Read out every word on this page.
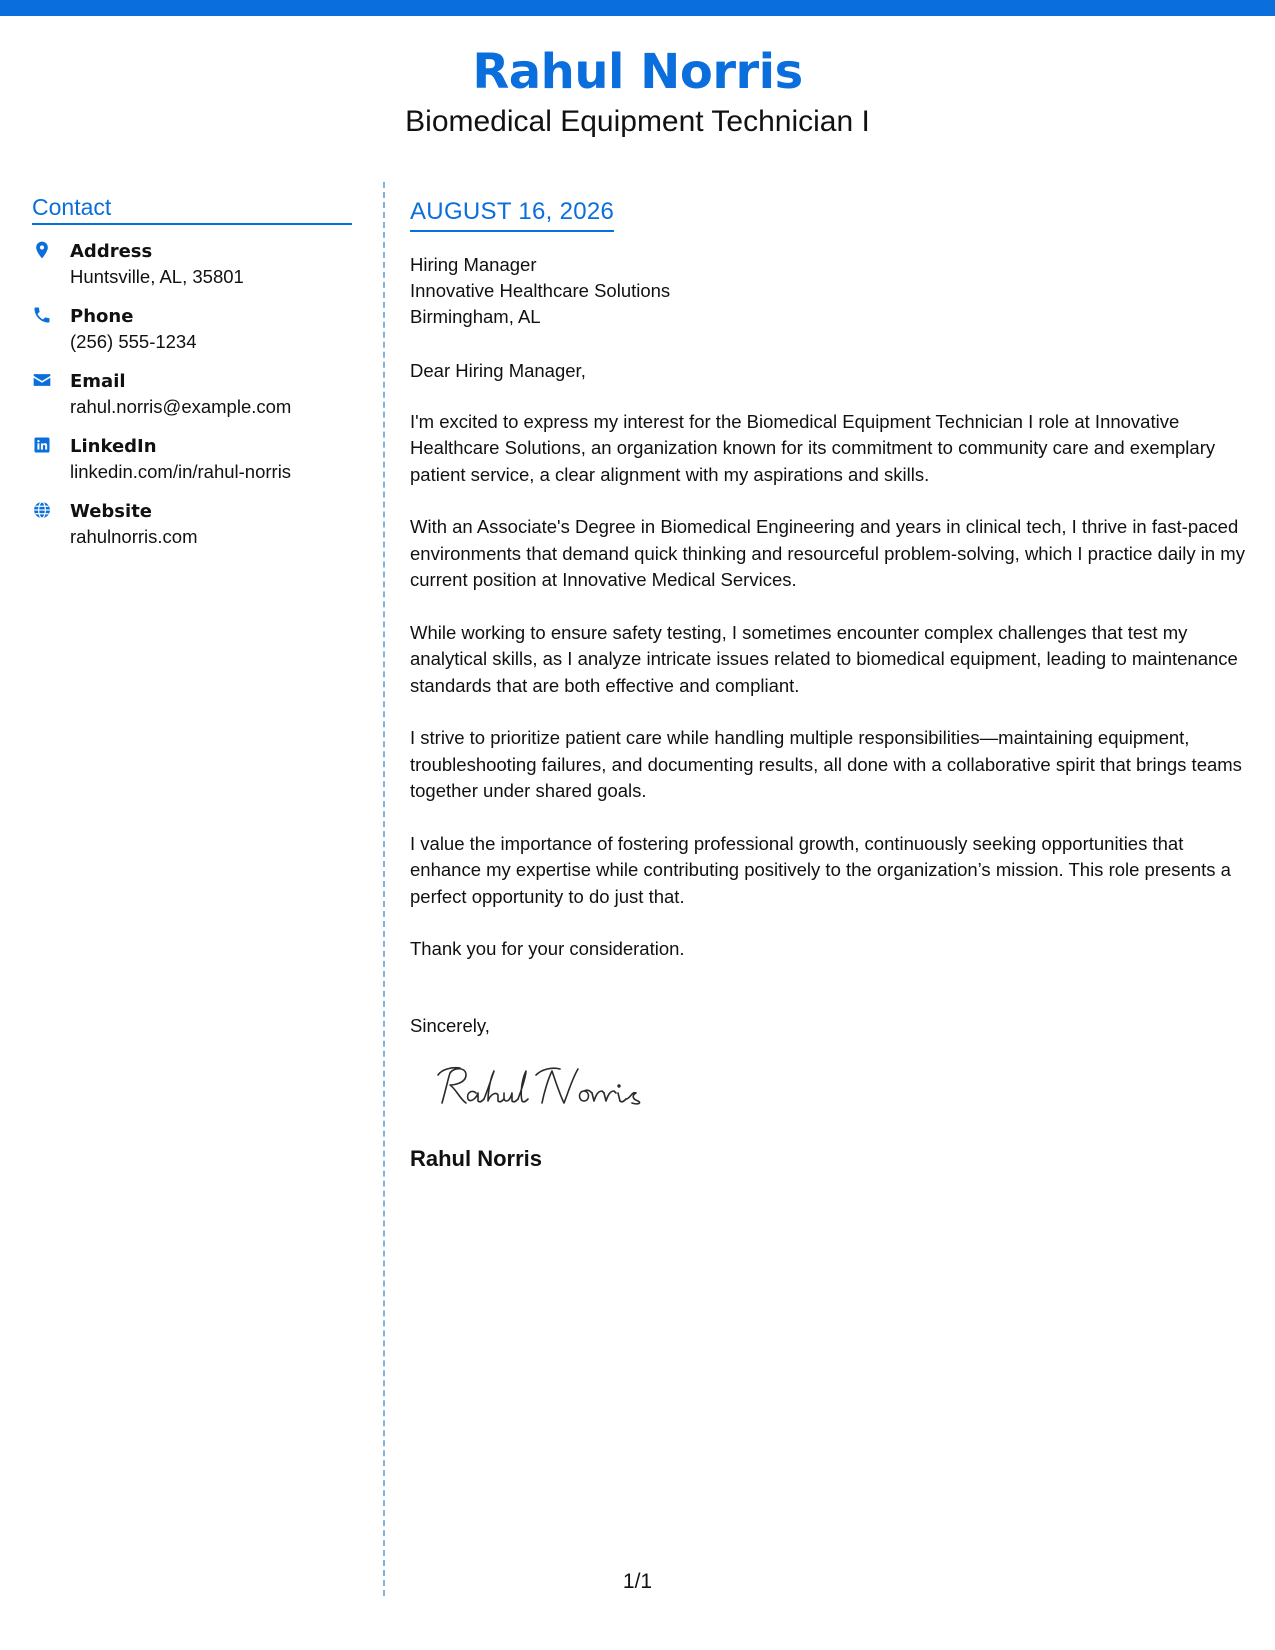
Rahul Norris
Biomedical Equipment Technician I
Contact
Address
Huntsville, AL, 35801
Phone
(256) 555-1234
Email
rahul.norris@example.com
LinkedIn
linkedin.com/in/rahul-norris
Website
rahulnorris.com
AUGUST 16, 2026
Hiring Manager
Innovative Healthcare Solutions
Birmingham, AL

Dear Hiring Manager,

I'm excited to express my interest for the Biomedical Equipment Technician I role at Innovative Healthcare Solutions, an organization known for its commitment to community care and exemplary patient service, a clear alignment with my aspirations and skills.

With an Associate's Degree in Biomedical Engineering and years in clinical tech, I thrive in fast-paced environments that demand quick thinking and resourceful problem-solving, which I practice daily in my current position at Innovative Medical Services.

While working to ensure safety testing, I sometimes encounter complex challenges that test my analytical skills, as I analyze intricate issues related to biomedical equipment, leading to maintenance standards that are both effective and compliant.

I strive to prioritize patient care while handling multiple responsibilities—maintaining equipment, troubleshooting failures, and documenting results, all done with a collaborative spirit that brings teams together under shared goals.

I value the importance of fostering professional growth, continuously seeking opportunities that enhance my expertise while contributing positively to the organization’s mission. This role presents a perfect opportunity to do just that.

Thank you for your consideration.

Sincerely,
Rahul Norris
1/1
